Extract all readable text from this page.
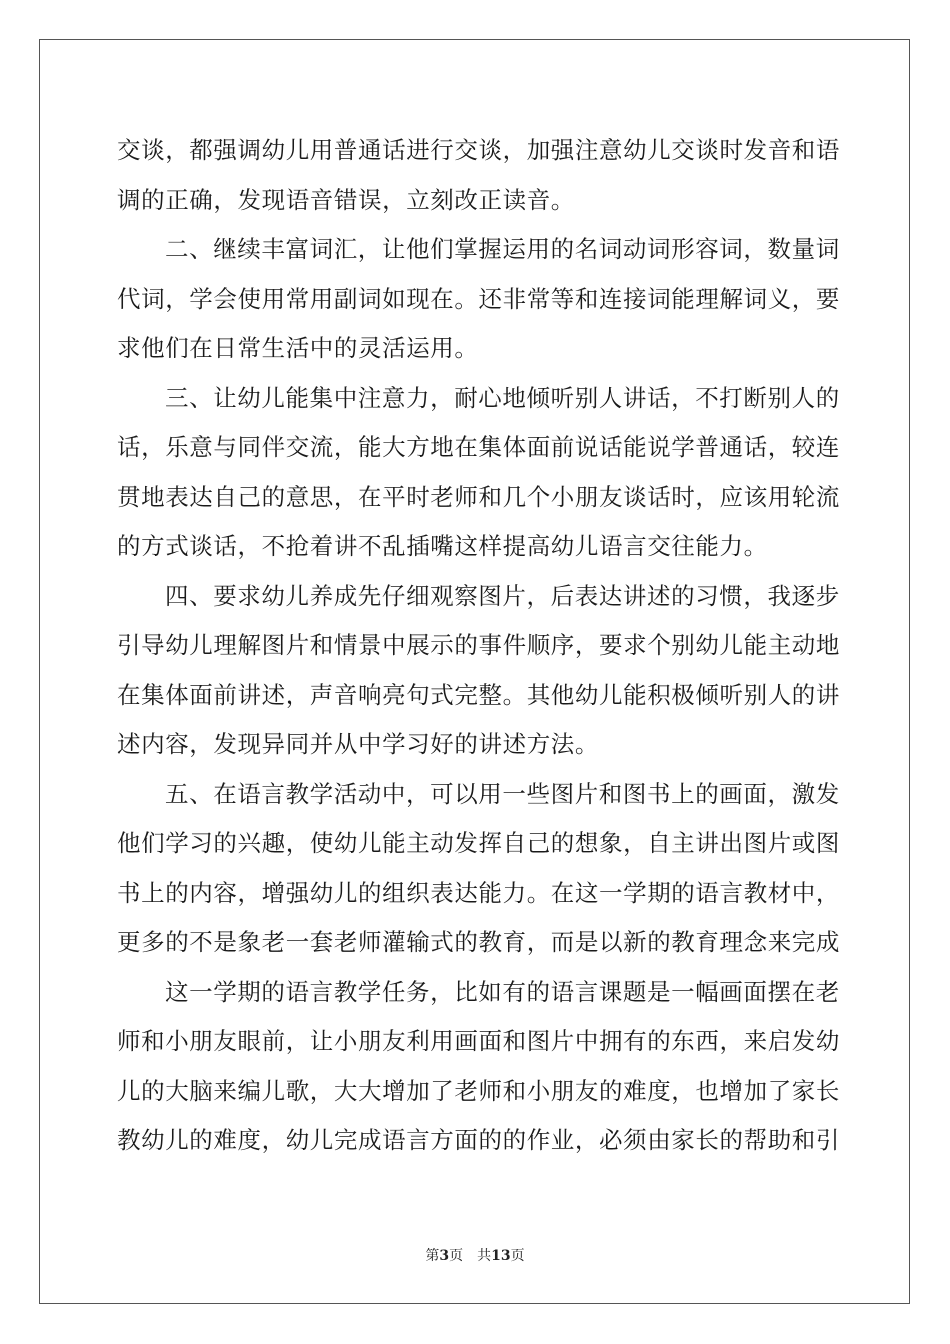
交谈，都强调幼儿用普通话进行交谈，加强注意幼儿交谈时发音和语
调的正确，发现语音错误，立刻改正读音。
二、继续丰富词汇，让他们掌握运用的名词动词形容词，数量词
代词，学会使用常用副词如现在。还非常等和连接词能理解词义，要
求他们在日常生活中的灵活运用。
三、让幼儿能集中注意力，耐心地倾听别人讲话，不打断别人的
话，乐意与同伴交流，能大方地在集体面前说话能说学普通话，较连
贯地表达自己的意思，在平时老师和几个小朋友谈话时，应该用轮流
的方式谈话，不抢着讲不乱插嘴这样提高幼儿语言交往能力。
四、要求幼儿养成先仔细观察图片，后表达讲述的习惯，我逐步
引导幼儿理解图片和情景中展示的事件顺序，要求个别幼儿能主动地
在集体面前讲述，声音响亮句式完整。其他幼儿能积极倾听别人的讲
述内容，发现异同并从中学习好的讲述方法。
五、在语言教学活动中，可以用一些图片和图书上的画面，激发
他们学习的兴趣，使幼儿能主动发挥自己的想象，自主讲出图片或图
书上的内容，增强幼儿的组织表达能力。在这一学期的语言教材中，
更多的不是象老一套老师灌输式的教育，而是以新的教育理念来完成
这一学期的语言教学任务，比如有的语言课题是一幅画面摆在老
师和小朋友眼前，让小朋友利用画面和图片中拥有的东西，来启发幼
儿的大脑来编儿歌，大大增加了老师和小朋友的难度，也增加了家长
教幼儿的难度，幼儿完成语言方面的的作业，必须由家长的帮助和引
第3页 共13页
